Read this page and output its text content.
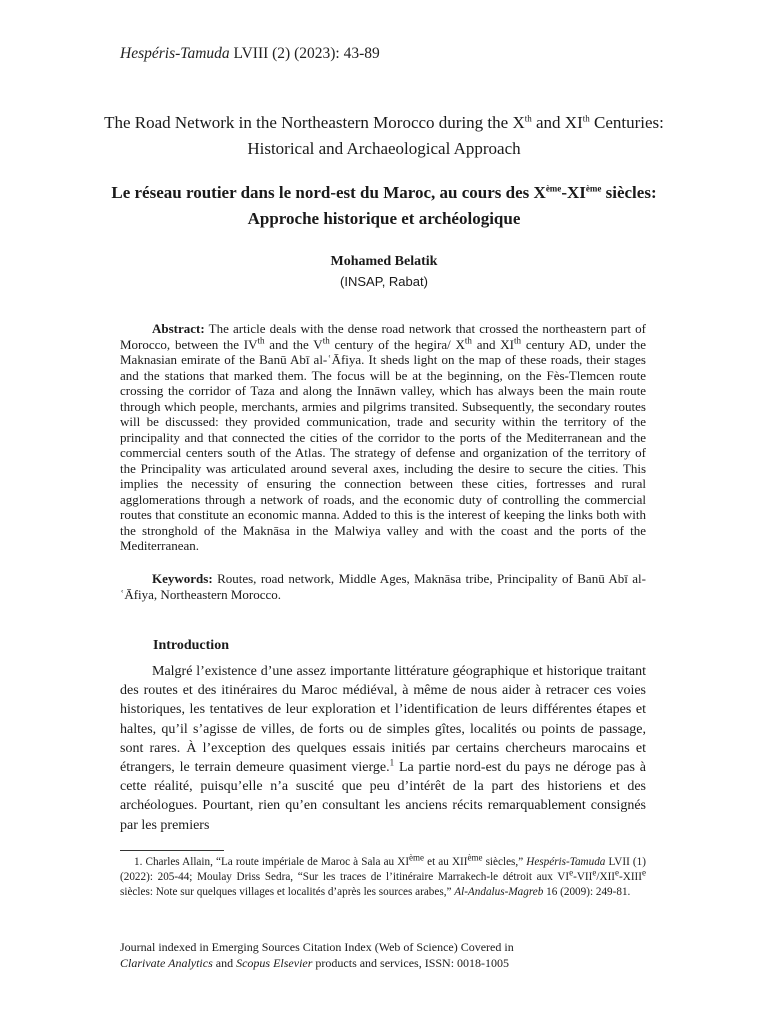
Hespéris-Tamuda LVIII (2) (2023): 43-89
The Road Network in the Northeastern Morocco during the Xth and XIth Centuries: Historical and Archaeological Approach
Le réseau routier dans le nord-est du Maroc, au cours des Xème-XIème siècles: Approche historique et archéologique
Mohamed Belatik
(INSAP, Rabat)
Abstract: The article deals with the dense road network that crossed the northeastern part of Morocco, between the IVth and the Vth century of the hegira/ Xth and XIth century AD, under the Maknasian emirate of the Banū Abī al-ʿĀfiya. It sheds light on the map of these roads, their stages and the stations that marked them. The focus will be at the beginning, on the Fès-Tlemcen route crossing the corridor of Taza and along the Innāwn valley, which has always been the main route through which people, merchants, armies and pilgrims transited. Subsequently, the secondary routes will be discussed: they provided communication, trade and security within the territory of the principality and that connected the cities of the corridor to the ports of the Mediterranean and the commercial centers south of the Atlas. The strategy of defense and organization of the territory of the Principality was articulated around several axes, including the desire to secure the cities. This implies the necessity of ensuring the connection between these cities, fortresses and rural agglomerations through a network of roads, and the economic duty of controlling the commercial routes that constitute an economic manna. Added to this is the interest of keeping the links both with the stronghold of the Maknāsa in the Malwiya valley and with the coast and the ports of the Mediterranean.
Keywords: Routes, road network, Middle Ages, Maknāsa tribe, Principality of Banū Abī al-ʿĀfiya, Northeastern Morocco.
Introduction
Malgré l’existence d’une assez importante littérature géographique et historique traitant des routes et des itinéraires du Maroc médiéval, à même de nous aider à retracer ces voies historiques, les tentatives de leur exploration et l’identification de leurs différentes étapes et haltes, qu’il s’agisse de villes, de forts ou de simples gîtes, localités ou points de passage, sont rares. À l’exception des quelques essais initiés par certains chercheurs marocains et étrangers, le terrain demeure quasiment vierge.$^1$ La partie nord-est du pays ne déroge pas à cette réalité, puisqu’elle n’a suscité que peu d’intérêt de la part des historiens et des archéologues. Pourtant, rien qu’en consultant les anciens récits remarquablement consignés par les premiers
1. Charles Allain, “La route impériale de Maroc à Sala au XIème et au XIIème siècles,” Hespéris-Tamuda LVII (1) (2022): 205-44; Moulay Driss Sedra, “Sur les traces de l’itinéraire Marrakech-le détroit aux VIe-VIIe/XIIe-XIIIe siècles: Note sur quelques villages et localités d’après les sources arabes,” Al-Andalus-Magreb 16 (2009): 249-81.
Journal indexed in Emerging Sources Citation Index (Web of Science) Covered in
Clarivate Analytics and Scopus Elsevier products and services, ISSN: 0018-1005
